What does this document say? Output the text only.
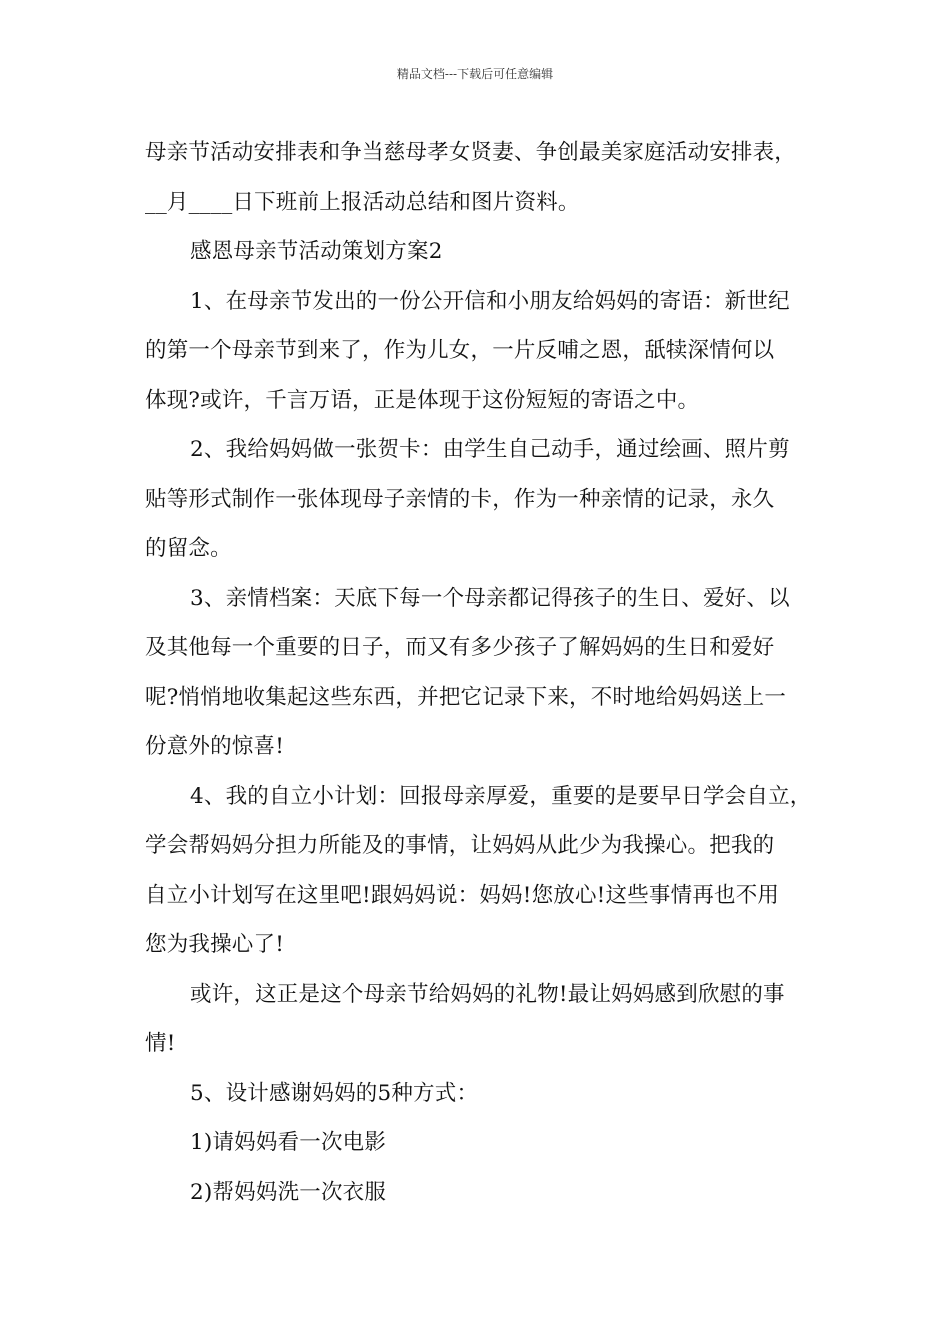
精品文档---下载后可任意编辑

母亲节活动安排表和争当慈母孝女贤妻、争创最美家庭活动安排表，

__月____日下班前上报活动总结和图片资料。

感恩母亲节活动策划方案2

1、在母亲节发出的一份公开信和小朋友给妈妈的寄语：新世纪

的第一个母亲节到来了，作为儿女，一片反哺之恩，舐犊深情何以

体现?或许，千言万语，正是体现于这份短短的寄语之中。

2、我给妈妈做一张贺卡：由学生自己动手，通过绘画、照片剪

贴等形式制作一张体现母子亲情的卡，作为一种亲情的记录，永久

的留念。

3、亲情档案：天底下每一个母亲都记得孩子的生日、爱好、以

及其他每一个重要的日子，而又有多少孩子了解妈妈的生日和爱好

呢?悄悄地收集起这些东西，并把它记录下来，不时地给妈妈送上一

份意外的惊喜!

4、我的自立小计划：回报母亲厚爱，重要的是要早日学会自立，

学会帮妈妈分担力所能及的事情，让妈妈从此少为我操心。把我的

自立小计划写在这里吧!跟妈妈说：妈妈!您放心!这些事情再也不用

您为我操心了!

或许，这正是这个母亲节给妈妈的礼物!最让妈妈感到欣慰的事

情!

5、设计感谢妈妈的5种方式：

1)请妈妈看一次电影

2)帮妈妈洗一次衣服
